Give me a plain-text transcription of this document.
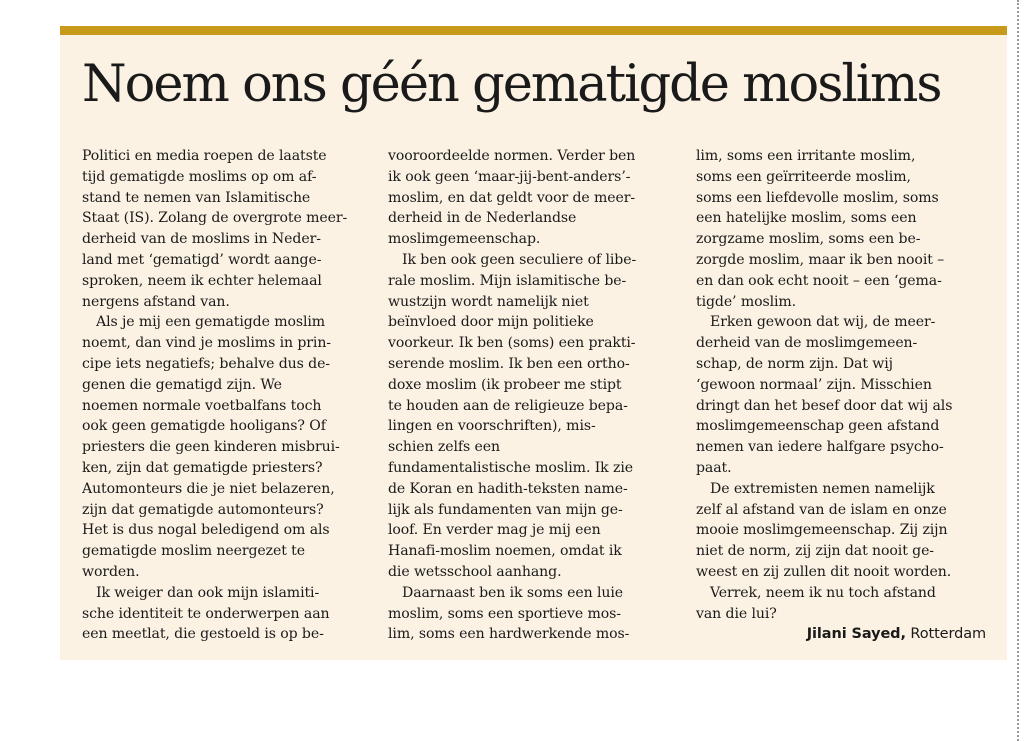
Noem ons géén gematigde moslims
Politici en media roepen de laatste
tijd gematigde moslims op om af-
stand te nemen van Islamitische
Staat (IS). Zolang de overgrote meer-
derheid van de moslims in Neder-
land met ‘gematigd’ wordt aange-
sproken, neem ik echter helemaal
nergens afstand van.
Als je mij een gematigde moslim
noemt, dan vind je moslims in prin-
cipe iets negatiefs; behalve dus de-
genen die gematigd zijn. We
noemen normale voetbalfans toch
ook geen gematigde hooligans? Of
priesters die geen kinderen misbrui-
ken, zijn dat gematigde priesters?
Automonteurs die je niet belazeren,
zijn dat gematigde automonteurs?
Het is dus nogal beledigend om als
gematigde moslim neergezet te
worden.
Ik weiger dan ook mijn islamiti-
sche identiteit te onderwerpen aan
een meetlat, die gestoeld is op be-
vooroordeelde normen. Verder ben
ik ook geen ‘maar-jij-bent-anders’-
moslim, en dat geldt voor de meer-
derheid in de Nederlandse
moslimgemeenschap.
Ik ben ook geen seculiere of libe-
rale moslim. Mijn islamitische be-
wustzijn wordt namelijk niet
beïnvloed door mijn politieke
voorkeur. Ik ben (soms) een prakti-
serende moslim. Ik ben een ortho-
doxe moslim (ik probeer me stipt
te houden aan de religieuze bepa-
lingen en voorschriften), mis-
schien zelfs een
fundamentalistische moslim. Ik zie
de Koran en hadith-teksten name-
lijk als fundamenten van mijn ge-
loof. En verder mag je mij een
Hanafi-moslim noemen, omdat ik
die wetsschool aanhang.
Daarnaast ben ik soms een luie
moslim, soms een sportieve mos-
lim, soms een hardwerkende mos-
lim, soms een irritante moslim,
soms een geïrriteerde moslim,
soms een liefdevolle moslim, soms
een hatelijke moslim, soms een
zorgzame moslim, soms een be-
zorgde moslim, maar ik ben nooit –
en dan ook echt nooit – een ‘gema-
tigde’ moslim.
Erken gewoon dat wij, de meer-
derheid van de moslimgemeen-
schap, de norm zijn. Dat wij
‘gewoon normaal’ zijn. Misschien
dringt dan het besef door dat wij als
moslimgemeenschap geen afstand
nemen van iedere halfgare psycho-
paat.
De extremisten nemen namelijk
zelf al afstand van de islam en onze
mooie moslimgemeenschap. Zij zijn
niet de norm, zij zijn dat nooit ge-
weest en zij zullen dit nooit worden.
Verrek, neem ik nu toch afstand
van die lui?
Jilani Sayed, Rotterdam
